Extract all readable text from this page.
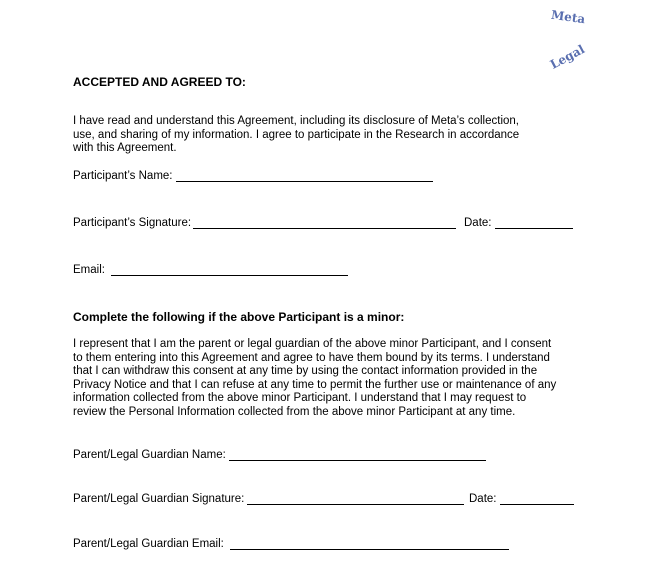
Meta
Legal
ACCEPTED AND AGREED TO:
I have read and understand this Agreement, including its disclosure of Meta’s collection,
use, and sharing of my information. I agree to participate in the Research in accordance
with this Agreement.
Participant’s Name:
Participant’s Signature:	Date:
Email:
Complete the following if the above Participant is a minor:
I represent that I am the parent or legal guardian of the above minor Participant, and I consent
to them entering into this Agreement and agree to have them bound by its terms. I understand
that I can withdraw this consent at any time by using the contact information provided in the
Privacy Notice and that I can refuse at any time to permit the further use or maintenance of any
information collected from the above minor Participant. I understand that I may request to
review the Personal Information collected from the above minor Participant at any time.
Parent/Legal Guardian Name:
Parent/Legal Guardian Signature:	Date:
Parent/Legal Guardian Email:
